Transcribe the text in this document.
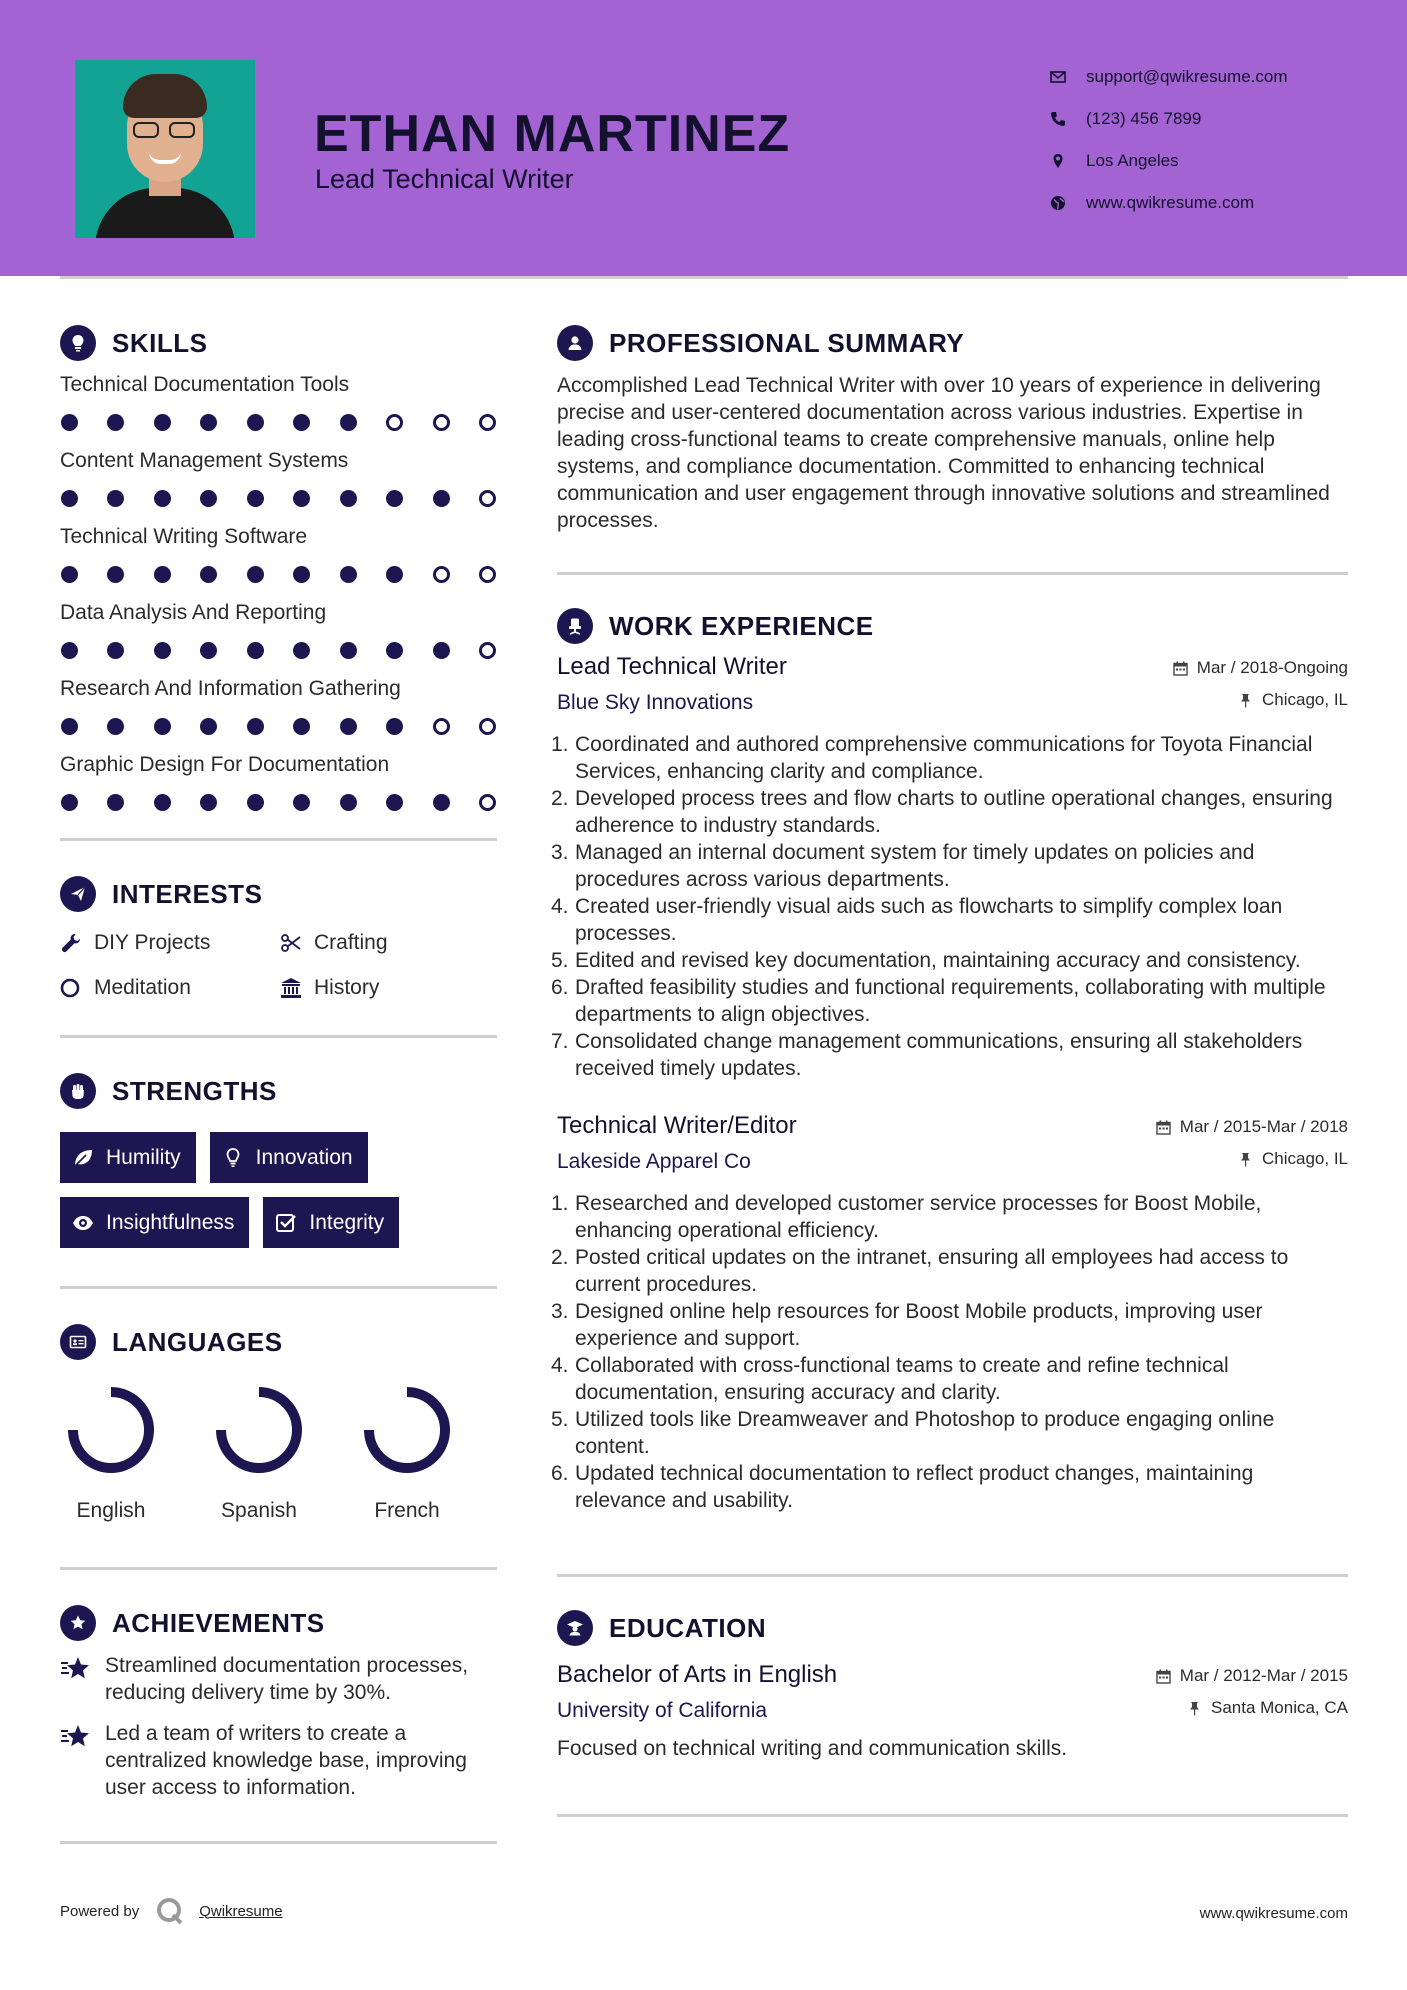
ETHAN MARTINEZ
Lead Technical Writer
support@qwikresume.com
(123) 456 7899
Los Angeles
www.qwikresume.com
SKILLS
Technical Documentation Tools
Content Management Systems
Technical Writing Software
Data Analysis And Reporting
Research And Information Gathering
Graphic Design For Documentation
INTERESTS
DIY Projects	Crafting
Meditation	History
STRENGTHS
Humility	Innovation
Insightfulness	Integrity
LANGUAGES
English	Spanish	French
ACHIEVEMENTS
Streamlined documentation processes, reducing delivery time by 30%.
Led a team of writers to create a centralized knowledge base, improving user access to information.
PROFESSIONAL SUMMARY
Accomplished Lead Technical Writer with over 10 years of experience in delivering precise and user-centered documentation across various industries. Expertise in leading cross-functional teams to create comprehensive manuals, online help systems, and compliance documentation. Committed to enhancing technical communication and user engagement through innovative solutions and streamlined processes.
WORK EXPERIENCE
Lead Technical Writer
Blue Sky Innovations
Mar / 2018-Ongoing
Chicago, IL
1. Coordinated and authored comprehensive communications for Toyota Financial Services, enhancing clarity and compliance.
2. Developed process trees and flow charts to outline operational changes, ensuring adherence to industry standards.
3. Managed an internal document system for timely updates on policies and procedures across various departments.
4. Created user-friendly visual aids such as flowcharts to simplify complex loan processes.
5. Edited and revised key documentation, maintaining accuracy and consistency.
6. Drafted feasibility studies and functional requirements, collaborating with multiple departments to align objectives.
7. Consolidated change management communications, ensuring all stakeholders received timely updates.
Technical Writer/Editor
Lakeside Apparel Co
Mar / 2015-Mar / 2018
Chicago, IL
1. Researched and developed customer service processes for Boost Mobile, enhancing operational efficiency.
2. Posted critical updates on the intranet, ensuring all employees had access to current procedures.
3. Designed online help resources for Boost Mobile products, improving user experience and support.
4. Collaborated with cross-functional teams to create and refine technical documentation, ensuring accuracy and clarity.
5. Utilized tools like Dreamweaver and Photoshop to produce engaging online content.
6. Updated technical documentation to reflect product changes, maintaining relevance and usability.
EDUCATION
Bachelor of Arts in English
University of California
Mar / 2012-Mar / 2015
Santa Monica, CA
Focused on technical writing and communication skills.
Powered by	Qwikresume	www.qwikresume.com
